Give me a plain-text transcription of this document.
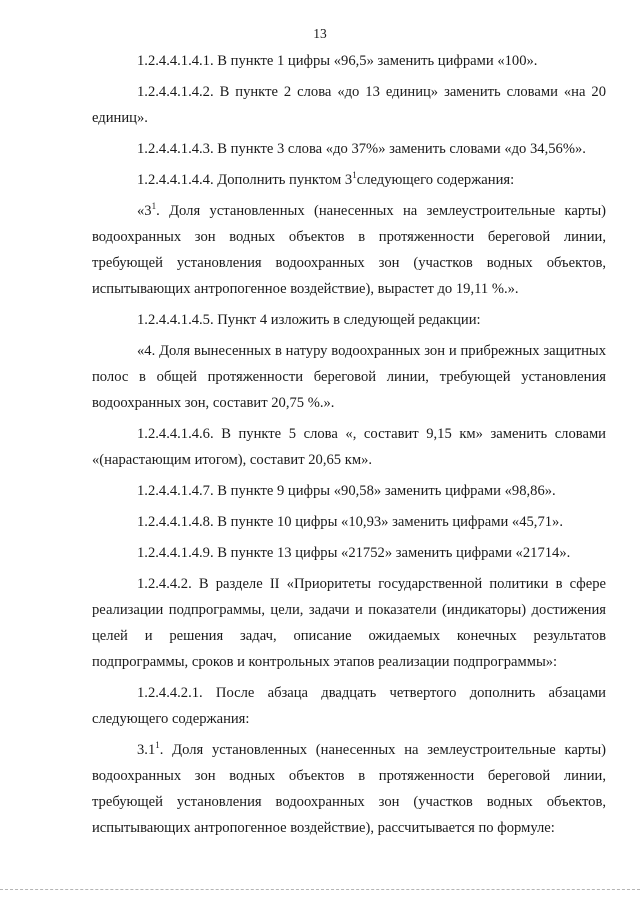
13

1.2.4.4.1.4.1. В пункте 1 цифры «96,5» заменить цифрами «100».

1.2.4.4.1.4.2. В пункте 2 слова «до 13 единиц» заменить словами «на 20 единиц».

1.2.4.4.1.4.3. В пункте 3 слова «до 37%» заменить словами «до 34,56%».

1.2.4.4.1.4.4. Дополнить пунктом $3^1следующего$ содержания:

«$3^1$. Доля установленных (нанесенных на землеустроительные карты) водоохранных зон водных объектов в протяженности береговой линии, требующей установления водоохранных зон (участков водных объектов, испытывающих антропогенное воздействие), вырастет до 19,11 %.».

1.2.4.4.1.4.5. Пункт 4 изложить в следующей редакции:

«4. Доля вынесенных в натуру водоохранных зон и прибрежных защитных полос в общей протяженности береговой линии, требующей установления водоохранных зон, составит 20,75 %.».

1.2.4.4.1.4.6. В пункте 5 слова «, составит 9,15 км» заменить словами «(нарастающим итогом), составит 20,65 км».

1.2.4.4.1.4.7. В пункте 9 цифры «90,58» заменить цифрами «98,86».

1.2.4.4.1.4.8. В пункте 10 цифры «10,93» заменить цифрами «45,71».

1.2.4.4.1.4.9. В пункте 13 цифры «21752» заменить цифрами «21714».

1.2.4.4.2. В разделе II «Приоритеты государственной политики в сфере реализации подпрограммы, цели, задачи и показатели (индикаторы) достижения целей и решения задач, описание ожидаемых конечных результатов подпрограммы, сроков и контрольных этапов реализации подпрограммы»:

1.2.4.4.2.1. После абзаца двадцать четвертого дополнить абзацами следующего содержания:

$3.1^1$. Доля установленных (нанесенных на землеустроительные карты) водоохранных зон водных объектов в протяженности береговой линии, требующей установления водоохранных зон (участков водных объектов, испытывающих антропогенное воздействие), рассчитывается по формуле:
